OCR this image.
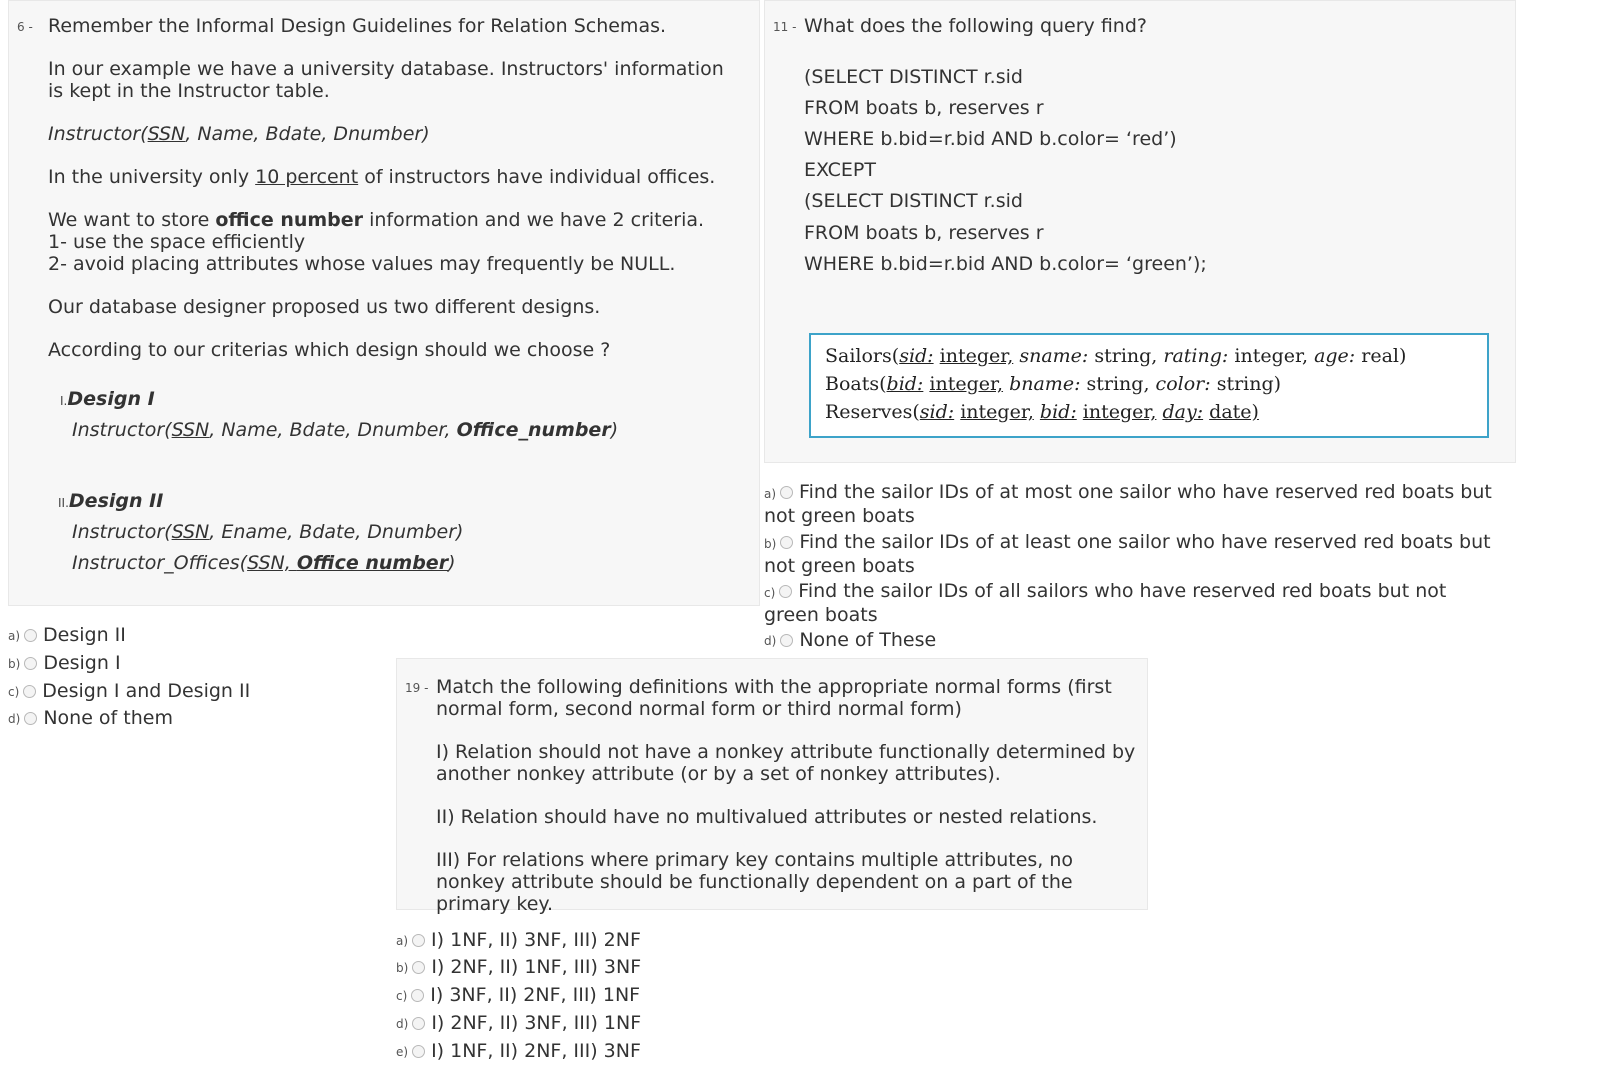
6 - Remember the Informal Design Guidelines for Relation Schemas.

In our example we have a university database. Instructors' information is kept in the Instructor table.

Instructor(SSN, Name, Bdate, Dnumber)

In the university only 10 percent of instructors have individual offices.

We want to store office number information and we have 2 criteria.

1- use the space efficiently

2- avoid placing attributes whose values may frequently be NULL.

Our database designer proposed us two different designs.

According to our criterias which design should we choose ?

I.Design I
Instructor(SSN, Name, Bdate, Dnumber, Office_number)
II.Design II
Instructor(SSN, Ename, Bdate, Dnumber)
Instructor_Offices(SSN, Office number)
a) Design II
b) Design I
c) Design I and Design II
d) None of them
11 - What does the following query find?
(SELECT DISTINCT r.sid
FROM boats b, reserves r
WHERE b.bid=r.bid AND b.color= ‘red’)
EXCEPT
(SELECT DISTINCT r.sid
FROM boats b, reserves r
WHERE b.bid=r.bid AND b.color= ‘green’);
Sailors(sid: integer, sname: string, rating: integer, age: real)
Boats(bid: integer, bname: string, color: string)
Reserves(sid: integer, bid: integer, day: date)
a) Find the sailor IDs of at most one sailor who have reserved red boats but not green boats
b) Find the sailor IDs of at least one sailor who have reserved red boats but not green boats
c) Find the sailor IDs of all sailors who have reserved red boats but not green boats
d) None of These
19 - Match the following definitions with the appropriate normal forms (first normal form, second normal form or third normal form)

I) Relation should not have a nonkey attribute functionally determined by another nonkey attribute (or by a set of nonkey attributes).

II) Relation should have no multivalued attributes or nested relations.

III) For relations where primary key contains multiple attributes, no nonkey attribute should be functionally dependent on a part of the primary key.

a) I) 1NF, II) 3NF, III) 2NF
b) I) 2NF, II) 1NF, III) 3NF
c) I) 3NF, II) 2NF, III) 1NF
d) I) 2NF, II) 3NF, III) 1NF
e) I) 1NF, II) 2NF, III) 3NF
